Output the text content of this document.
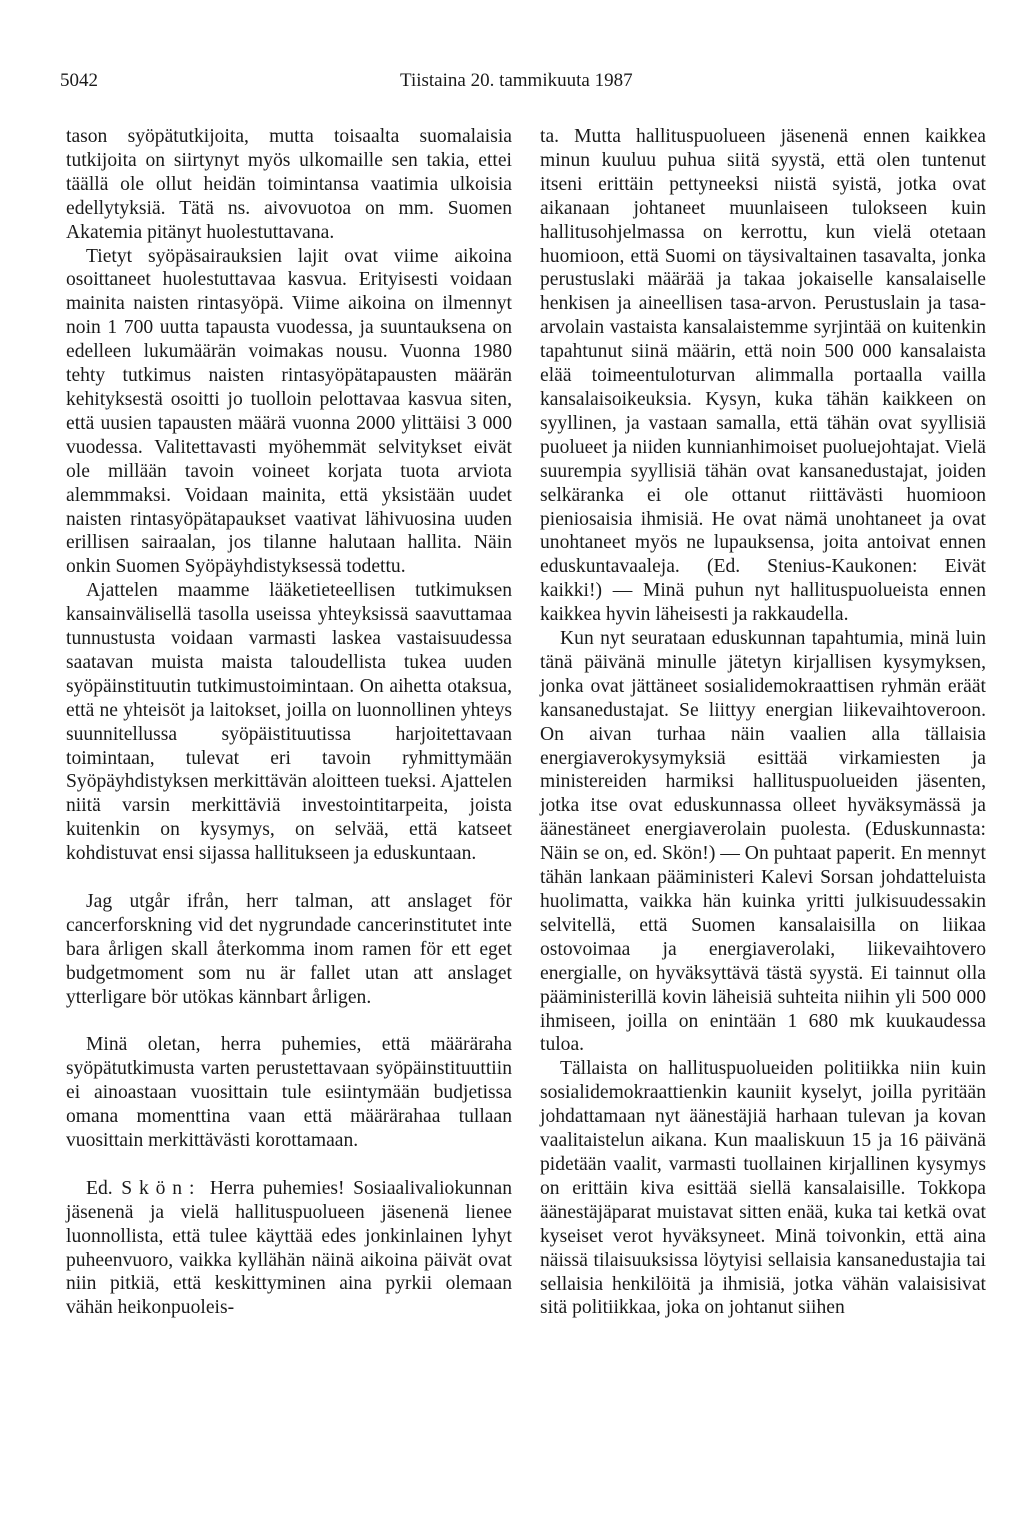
5042	Tiistaina 20. tammikuuta 1987

tason syöpätutkijoita, mutta toisaalta suomalaisia tutkijoita on siirtynyt myös ulkomaille sen takia, ettei täällä ole ollut heidän toimintansa vaatimia ulkoisia edellytyksiä. Tätä ns. aivovuotoa on mm. Suomen Akatemia pitänyt huolestuttavana.

Tietyt syöpäsairauksien lajit ovat viime aikoina osoittaneet huolestuttavaa kasvua. Erityisesti voidaan mainita naisten rintasyöpä. Viime aikoina on ilmennyt noin 1 700 uutta tapausta vuodessa, ja suuntauksena on edelleen lukumäärän voimakas nousu. Vuonna 1980 tehty tutkimus naisten rintasyöpätapausten määrän kehityksestä osoitti jo tuolloin pelottavaa kasvua siten, että uusien tapausten määrä vuonna 2000 ylittäisi 3 000 vuodessa. Valitettavasti myöhemmät selvitykset eivät ole millään tavoin voineet korjata tuota arviota alemmmaksi. Voidaan mainita, että yksistään uudet naisten rintasyöpätapaukset vaativat lähivuosina uuden erillisen sairaalan, jos tilanne halutaan hallita. Näin onkin Suomen Syöpäyhdistyksessä todettu.

Ajattelen maamme lääketieteellisen tutkimuksen kansainvälisellä tasolla useissa yhteyksissä saavuttamaa tunnustusta voidaan varmasti laskea vastaisuudessa saatavan muista maista taloudellista tukea uuden syöpäinstituutin tutkimustoimintaan. On aihetta otaksua, että ne yhteisöt ja laitokset, joilla on luonnollinen yhteys suunnitellussa syöpäistituutissa harjoitettavaan toimintaan, tulevat eri tavoin ryhmittymään Syöpäyhdistyksen merkittävän aloitteen tueksi. Ajattelen niitä varsin merkittäviä investointitarpeita, joista kuitenkin on kysymys, on selvää, että katseet kohdistuvat ensi sijassa hallitukseen ja eduskuntaan.

Jag utgår ifrån, herr talman, att anslaget för cancerforskning vid det nygrundade cancerinstitutet inte bara årligen skall återkomma inom ramen för ett eget budgetmoment som nu är fallet utan att anslaget ytterligare bör utökas kännbart årligen.

Minä oletan, herra puhemies, että määräraha syöpätutkimusta varten perustettavaan syöpäinstituuttiin ei ainoastaan vuosittain tule esiintymään budjetissa omana momenttina vaan että määrärahaa tullaan vuosittain merkittävästi korottamaan.

Ed. Skön: Herra puhemies! Sosiaalivaliokunnan jäsenenä ja vielä hallituspuolueen jäsenenä lienee luonnollista, että tulee käyttää edes jonkinlainen lyhyt puheenvuoro, vaikka kyllähän näinä aikoina päivät ovat niin pitkiä, että keskittyminen aina pyrkii olemaan vähän heikonpuoleis-

ta. Mutta hallituspuolueen jäsenenä ennen kaikkea minun kuuluu puhua siitä syystä, että olen tuntenut itseni erittäin pettyneeksi niistä syistä, jotka ovat aikanaan johtaneet muunlaiseen tulokseen kuin hallitusohjelmassa on kerrottu, kun vielä otetaan huomioon, että Suomi on täysivaltainen tasavalta, jonka perustuslaki määrää ja takaa jokaiselle kansalaiselle henkisen ja aineellisen tasa-arvon. Perustuslain ja tasa-arvolain vastaista kansalaistemme syrjintää on kuitenkin tapahtunut siinä määrin, että noin 500 000 kansalaista elää toimeentuloturvan alimmalla portaalla vailla kansalaisoikeuksia. Kysyn, kuka tähän kaikkeen on syyllinen, ja vastaan samalla, että tähän ovat syyllisiä puolueet ja niiden kunnianhimoiset puoluejohtajat. Vielä suurempia syyllisiä tähän ovat kansanedustajat, joiden selkäranka ei ole ottanut riittävästi huomioon pieniosaisia ihmisiä. He ovat nämä unohtaneet ja ovat unohtaneet myös ne lupauksensa, joita antoivat ennen eduskuntavaaleja. (Ed. Stenius-Kaukonen: Eivät kaikki!) — Minä puhun nyt hallituspuolueista ennen kaikkea hyvin läheisesti ja rakkaudella.

Kun nyt seurataan eduskunnan tapahtumia, minä luin tänä päivänä minulle jätetyn kirjallisen kysymyksen, jonka ovat jättäneet sosialidemokraattisen ryhmän eräät kansanedustajat. Se liittyy energian liikevaihtoveroon. On aivan turhaa näin vaalien alla tällaisia energiaverokysymyksiä esittää virkamiesten ja ministereiden harmiksi hallituspuolueiden jäsenten, jotka itse ovat eduskunnassa olleet hyväksymässä ja äänestäneet energiaverolain puolesta. (Eduskunnasta: Näin se on, ed. Skön!) — On puhtaat paperit. En mennyt tähän lankaan pääministeri Kalevi Sorsan johdatteluista huolimatta, vaikka hän kuinka yritti julkisuudessakin selvitellä, että Suomen kansalaisilla on liikaa ostovoimaa ja energiaverolaki, liikevaihtovero energialle, on hyväksyttävä tästä syystä. Ei tainnut olla pääministerillä kovin läheisiä suhteita niihin yli 500 000 ihmiseen, joilla on enintään 1 680 mk kuukaudessa tuloa.

Tällaista on hallituspuolueiden politiikka niin kuin sosialidemokraattienkin kauniit kyselyt, joilla pyritään johdattamaan nyt äänestäjiä harhaan tulevan ja kovan vaalitaistelun aikana. Kun maaliskuun 15 ja 16 päivänä pidetään vaalit, varmasti tuollainen kirjallinen kysymys on erittäin kiva esittää siellä kansalaisille. Tokkopa äänestäjäparat muistavat sitten enää, kuka tai ketkä ovat kyseiset verot hyväksyneet. Minä toivonkin, että aina näissä tilaisuuksissa löytyisi sellaisia kansanedustajia tai sellaisia henkilöitä ja ihmisiä, jotka vähän valaisisivat sitä politiikkaa, joka on johtanut siihen
